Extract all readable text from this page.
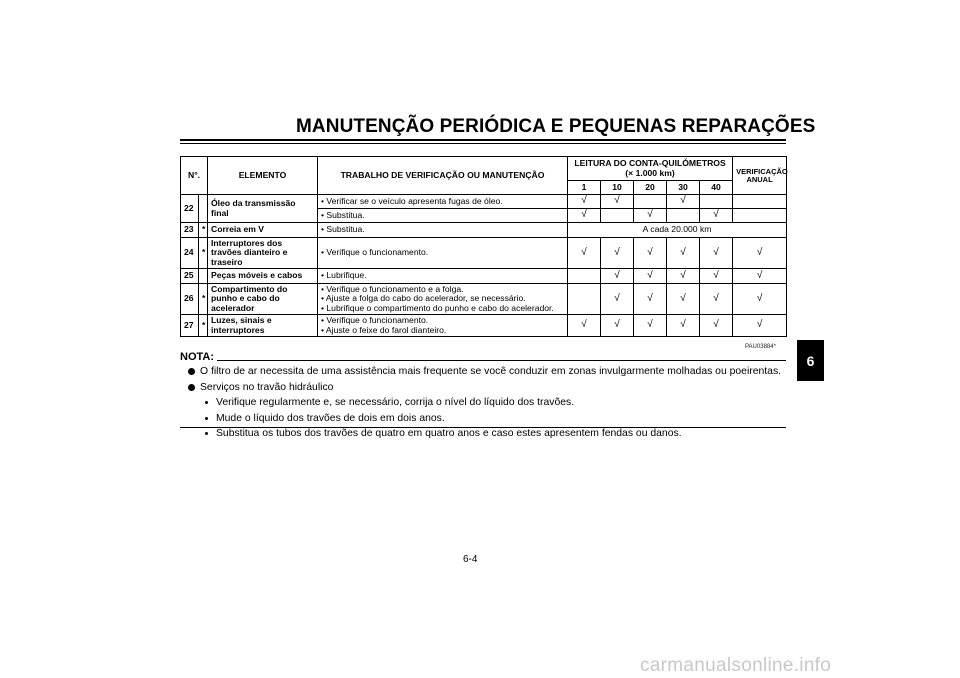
MANUTENÇÃO PERIÓDICA E PEQUENAS REPARAÇÕES
6
N°.		ELEMENTO	TRABALHO DE VERIFICAÇÃO OU MANUTENÇÃO	LEITURA DO CONTA-QUILÓMETROS
(× 1.000 km)					VERIFICAÇÃO ANUAL
				1	10	20	30	40	
22		Óleo da transmissão final	• Verificar se o veículo apresenta fugas de óleo.	√	√		√		
			• Substitua.	√		√		√	
23	*	Correia em V	• Substitua.	A cada 20.000 km					
24	*	Interruptores dos travões dianteiro e traseiro	• Verifique o funcionamento.	√	√	√	√	√	√
25		Peças móveis e cabos	• Lubrifique.		√	√	√	√	√
26	*	Compartimento do punho e cabo do acelerador	• Verifique o funcionamento e a folga.
• Ajuste a folga do cabo do acelerador, se necessário.
• Lubrifique o compartimento do punho e cabo do acelerador.		√	√	√	√	√
27	*	Luzes, sinais e interruptores	• Verifique o funcionamento.
• Ajuste o feixe do farol dianteiro.	√	√	√	√	√	√
PAU03884*
NOTA:
O filtro de ar necessita de uma assistência mais frequente se você conduzir em zonas invulgarmente molhadas ou poeirentas.
Serviços no travão hidráulico
Verifique regularmente e, se necessário, corrija o nível do líquido dos travões.
Mude o líquido dos travões de dois em dois anos.
Substitua os tubos dos travões de quatro em quatro anos e caso estes apresentem fendas ou danos.
6-4
carmanualsonline.info
